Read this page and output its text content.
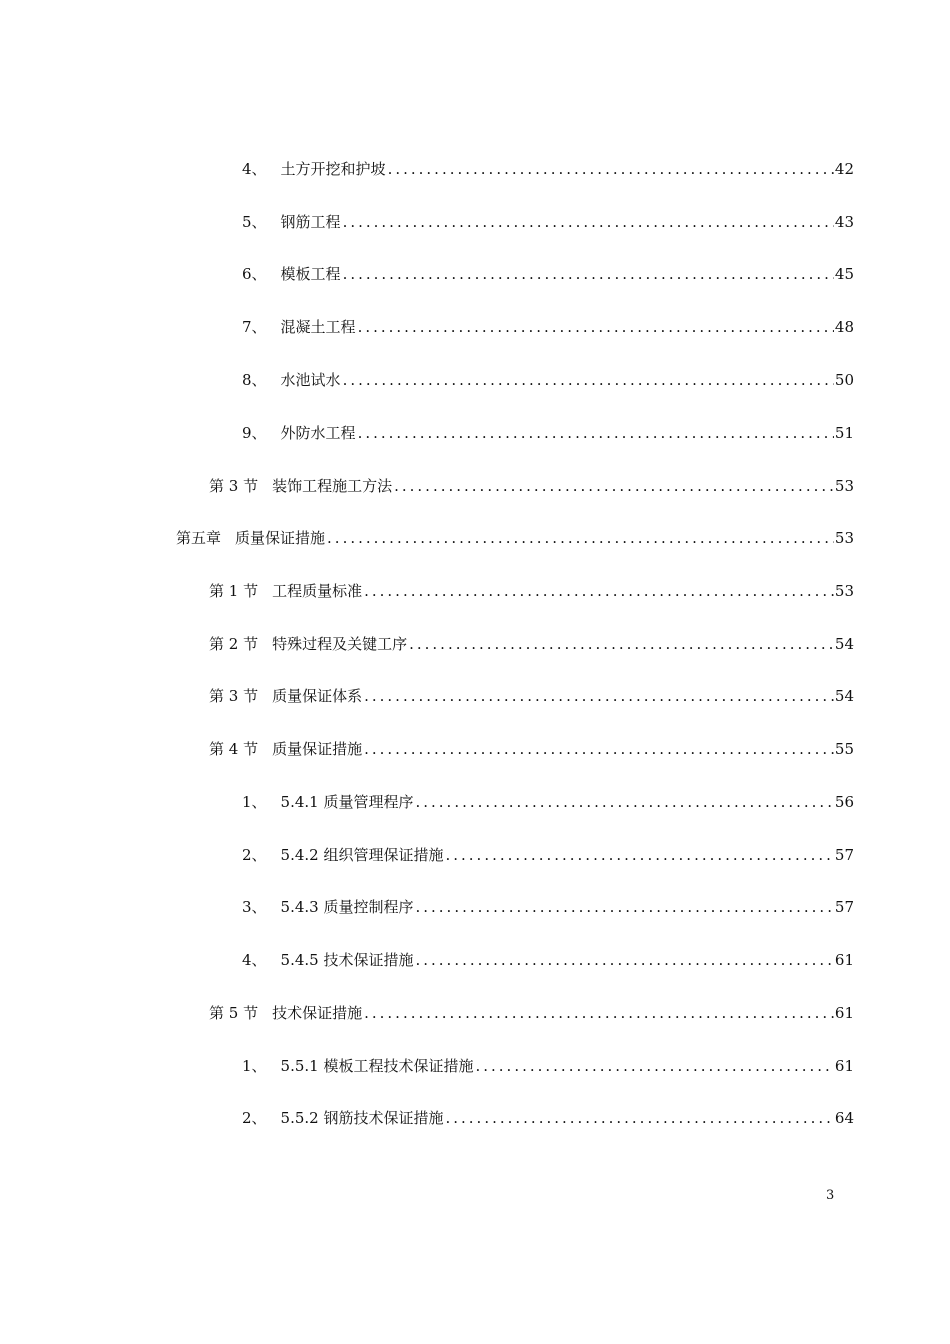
4、 土方开挖和护坡 .....	42
5、 钢筋工程 .....	43
6、 模板工程 .....	45
7、 混凝土工程 .....	48
8、 水池试水 .....	50
9、 外防水工程 .....	51
第 3 节 装饰工程施工方法 .....	53
第五章 质量保证措施 .....	53
第 1 节 工程质量标准 .....	53
第 2 节 特殊过程及关键工序 .....	54
第 3 节 质量保证体系 .....	54
第 4 节 质量保证措施 .....	55
1、 5.4.1 质量管理程序 .....	56
2、 5.4.2 组织管理保证措施 .....	57
3、 5.4.3 质量控制程序 .....	57
4、 5.4.5 技术保证措施 .....	61
第 5 节 技术保证措施 .....	61
1、 5.5.1 模板工程技术保证措施 .....	61
2、 5.5.2 钢筋技术保证措施 .....	64
3
